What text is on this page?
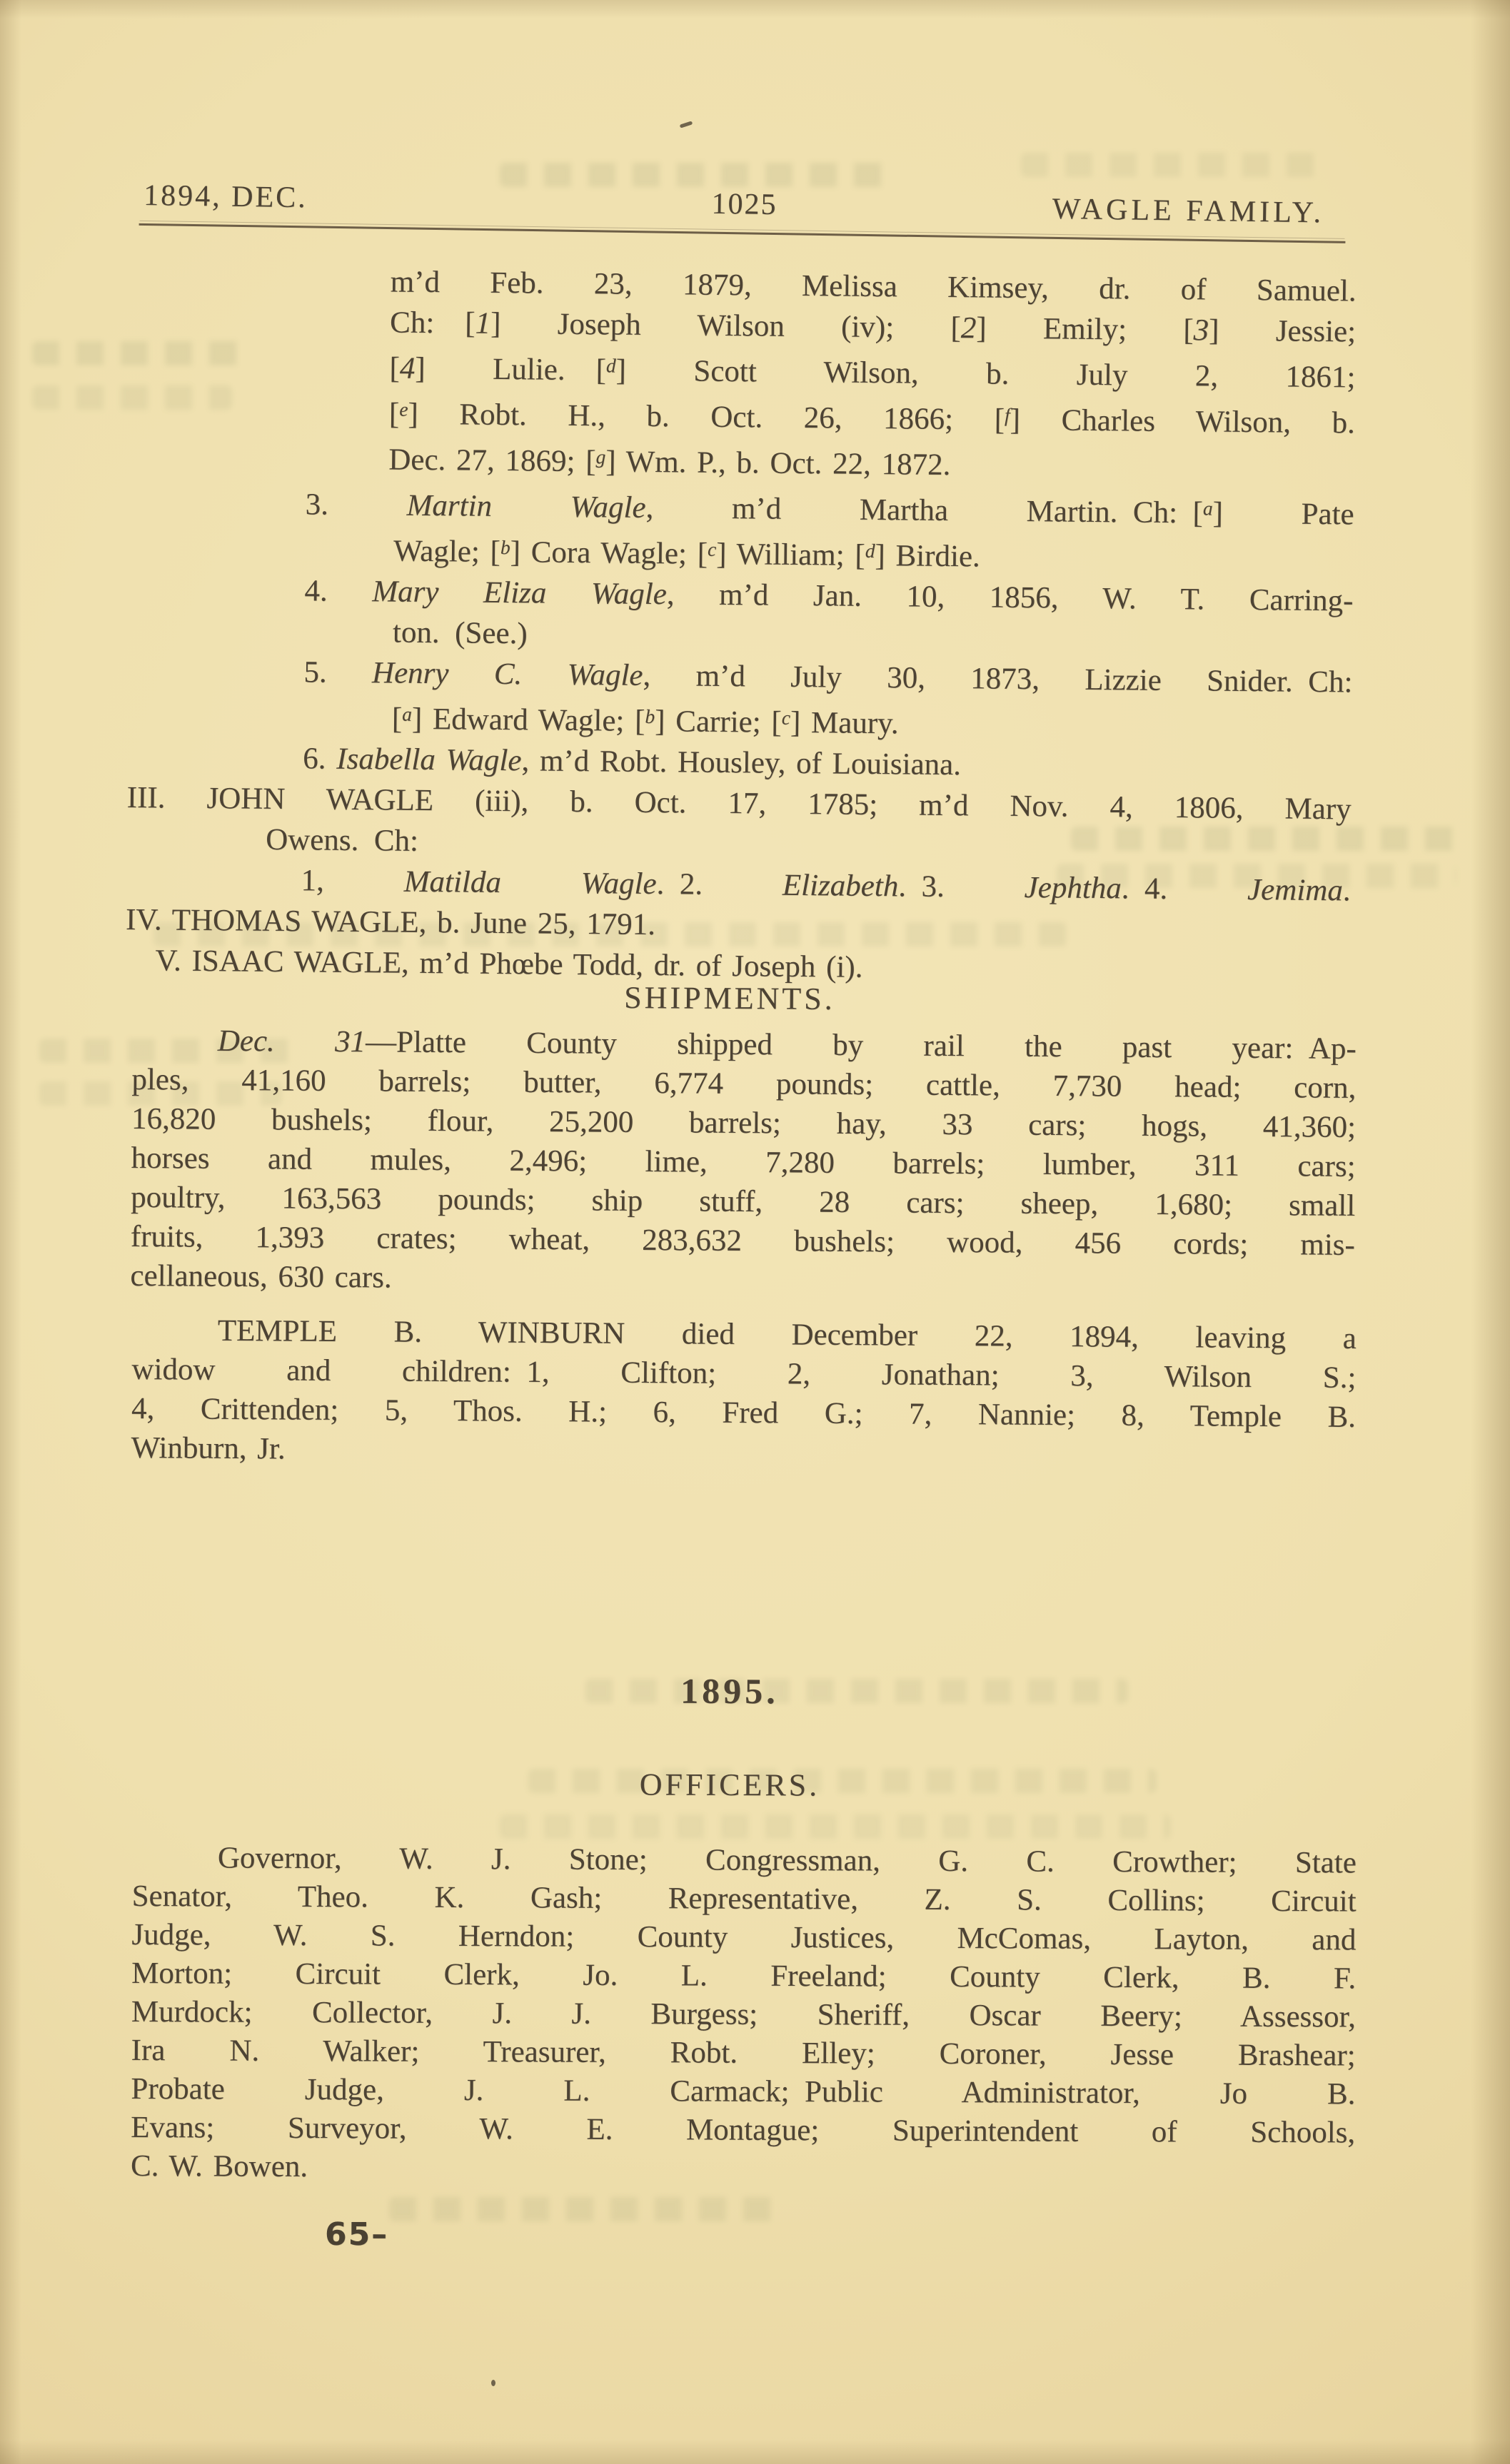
1894, DEC.	1025	WAGLE FAMILY.
m’d Feb. 23, 1879, Melissa Kimsey, dr. of Samuel.
Ch: [1] Joseph Wilson (iv); [2] Emily; [3] Jessie;
[4] Lulie. [$^d$] Scott Wilson, b. July 2, 1861;
[$^e$] Robt. H., b. Oct. 26, 1866; [$^f$] Charles Wilson, b.
Dec. 27, 1869; [$^g$] Wm. P., b. Oct. 22, 1872.
3. Martin Wagle, m’d Martha Martin. Ch: [$^a$] Pate
Wagle; [$^b$] Cora Wagle; [$^c$] William; [$^d$] Birdie.
4. Mary Eliza Wagle, m’d Jan. 10, 1856, W. T. Carring-
ton. (See.)
5. Henry C. Wagle, m’d July 30, 1873, Lizzie Snider. Ch:
[$^a$] Edward Wagle; [$^b$] Carrie; [$^c$] Maury.
6. Isabella Wagle, m’d Robt. Housley, of Louisiana.
III. JOHN WAGLE (iii), b. Oct. 17, 1785; m’d Nov. 4, 1806, Mary
Owens. Ch:
1, Matilda Wagle. 2. Elizabeth. 3. Jephtha. 4. Jemima.
IV. THOMAS WAGLE, b. June 25, 1791.
V. ISAAC WAGLE, m’d Phœbe Todd, dr. of Joseph (i).
SHIPMENTS.
Dec. 31—Platte County shipped by rail the past year: Ap-
ples, 41,160 barrels; butter, 6,774 pounds; cattle, 7,730 head; corn,
16,820 bushels; flour, 25,200 barrels; hay, 33 cars; hogs, 41,360;
horses and mules, 2,496; lime, 7,280 barrels; lumber, 311 cars;
poultry, 163,563 pounds; ship stuff, 28 cars; sheep, 1,680; small
fruits, 1,393 crates; wheat, 283,632 bushels; wood, 456 cords; mis-
cellaneous, 630 cars.
TEMPLE B. WINBURN died December 22, 1894, leaving a
widow and children: 1, Clifton; 2, Jonathan; 3, Wilson S.;
4, Crittenden; 5, Thos. H.; 6, Fred G.; 7, Nannie; 8, Temple B.
Winburn, Jr.
1895.
OFFICERS.
Governor, W. J. Stone; Congressman, G. C. Crowther; State
Senator, Theo. K. Gash; Representative, Z. S. Collins; Circuit
Judge, W. S. Herndon; County Justices, McComas, Layton, and
Morton; Circuit Clerk, Jo. L. Freeland; County Clerk, B. F.
Murdock; Collector, J. J. Burgess; Sheriff, Oscar Beery; Assessor,
Ira N. Walker; Treasurer, Robt. Elley; Coroner, Jesse Brashear;
Probate Judge, J. L. Carmack; Public Administrator, Jo B.
Evans; Surveyor, W. E. Montague; Superintendent of Schools,
C. W. Bowen.
65–
